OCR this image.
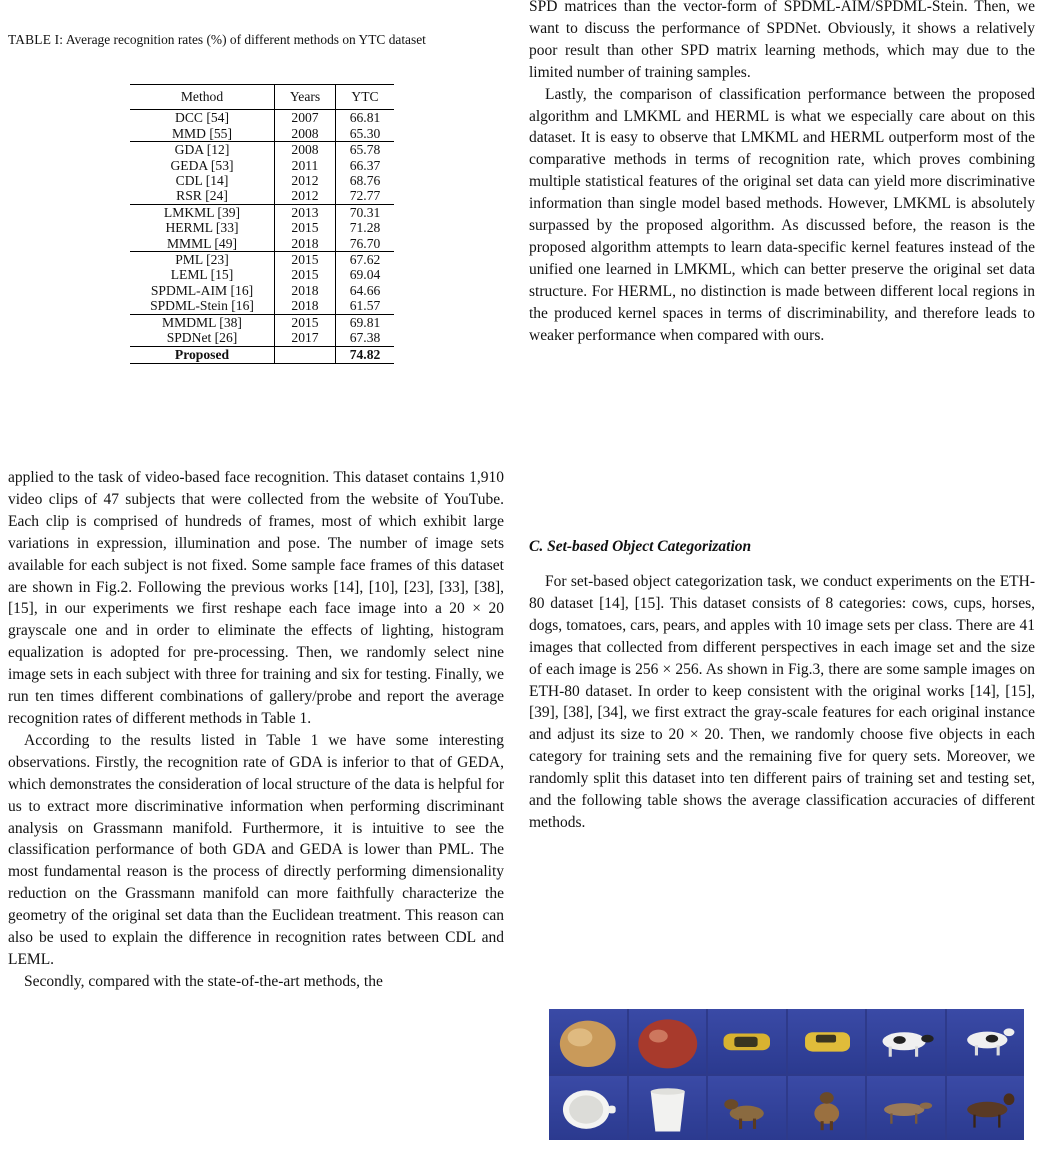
TABLE I: Average recognition rates (%) of different methods on YTC dataset
Method	Years	YTC
DCC [54]	2007	66.81
MMD [55]	2008	65.30
GDA [12]	2008	65.78
GEDA [53]	2011	66.37
CDL [14]	2012	68.76
RSR [24]	2012	72.77
LMKML [39]	2013	70.31
HERML [33]	2015	71.28
MMML [49]	2018	76.70
PML [23]	2015	67.62
LEML [15]	2015	69.04
SPDML-AIM [16]	2018	64.66
SPDML-Stein [16]	2018	61.57
MMDML [38]	2015	69.81
SPDNet [26]	2017	67.38
Proposed		74.82

applied to the task of video-based face recognition. This dataset contains 1,910 video clips of 47 subjects that were collected from the website of YouTube. Each clip is comprised of hundreds of frames, most of which exhibit large variations in expression, illumination and pose. The number of image sets available for each subject is not fixed. Some sample face frames of this dataset are shown in Fig.2. Following the previous works [14], [10], [23], [33], [38], [15], in our experiments we first reshape each face image into a 20 × 20 grayscale one and in order to eliminate the effects of lighting, histogram equalization is adopted for pre-processing. Then, we randomly select nine image sets in each subject with three for training and six for testing. Finally, we run ten times different combinations of gallery/probe and report the average recognition rates of different methods in Table 1.

According to the results listed in Table 1 we have some interesting observations. Firstly, the recognition rate of GDA is inferior to that of GEDA, which demonstrates the consideration of local structure of the data is helpful for us to extract more discriminative information when performing discriminant analysis on Grassmann manifold. Furthermore, it is intuitive to see the classification performance of both GDA and GEDA is lower than PML. The most fundamental reason is the process of directly performing dimensionality reduction on the Grassmann manifold can more faithfully characterize the geometry of the original set data than the Euclidean treatment. This reason can also be used to explain the difference in recognition rates between CDL and LEML.

Secondly, compared with the state-of-the-art methods, the

SPD matrices than the vector-form of SPDML-AIM/SPDML-Stein. Then, we want to discuss the performance of SPDNet. Obviously, it shows a relatively poor result than other SPD matrix learning methods, which may due to the limited number of training samples.

Lastly, the comparison of classification performance between the proposed algorithm and LMKML and HERML is what we especially care about on this dataset. It is easy to observe that LMKML and HERML outperform most of the comparative methods in terms of recognition rate, which proves combining multiple statistical features of the original set data can yield more discriminative information than single model based methods. However, LMKML is absolutely surpassed by the proposed algorithm. As discussed before, the reason is the proposed algorithm attempts to learn data-specific kernel features instead of the unified one learned in LMKML, which can better preserve the original set data structure. For HERML, no distinction is made between different local regions in the produced kernel spaces in terms of discriminability, and therefore leads to weaker performance when compared with ours.

C. Set-based Object Categorization
For set-based object categorization task, we conduct experiments on the ETH-80 dataset [14], [15]. This dataset consists of 8 categories: cows, cups, horses, dogs, tomatoes, cars, pears, and apples with 10 image sets per class. There are 41 images that collected from different perspectives in each image set and the size of each image is 256 × 256. As shown in Fig.3, there are some sample images on ETH-80 dataset. In order to keep consistent with the original works [14], [15], [39], [38], [34], we first extract the gray-scale features for each original instance and adjust its size to 20 × 20. Then, we randomly choose five objects in each category for training sets and the remaining five for query sets. Moreover, we randomly split this dataset into ten different pairs of training set and testing set, and the following table shows the average classification accuracies of different methods.
